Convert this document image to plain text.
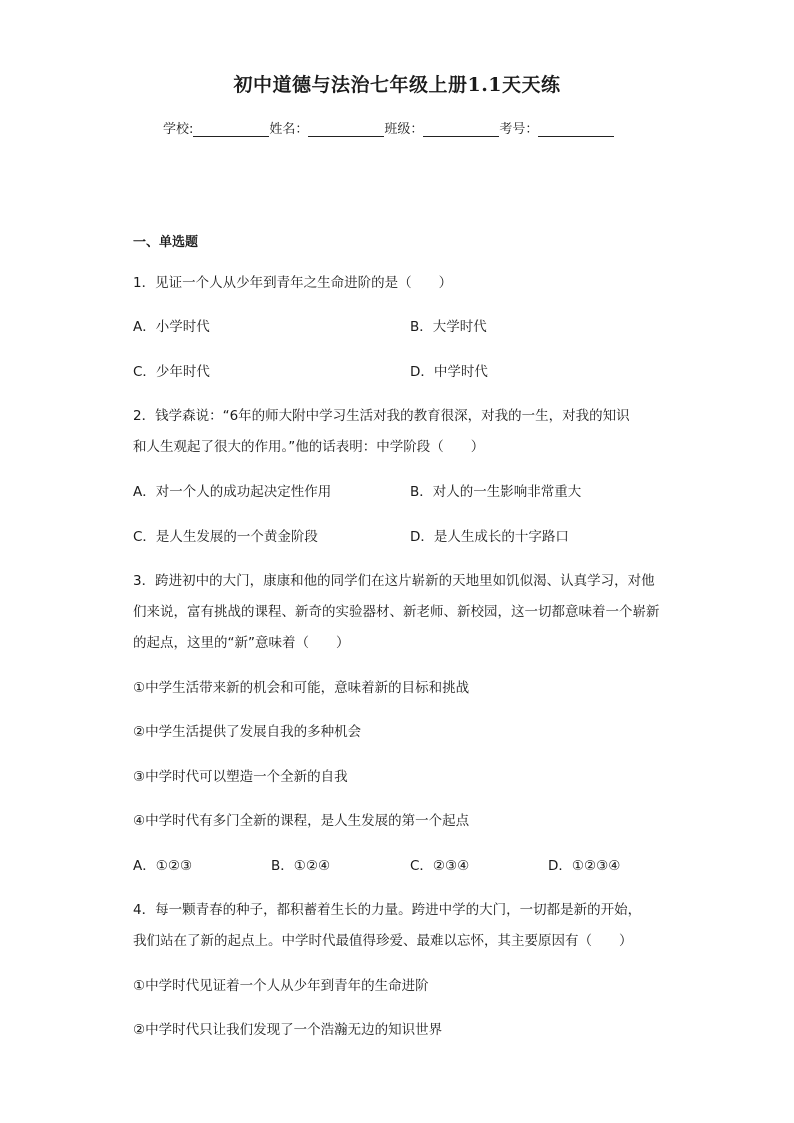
初中道德与法治七年级上册1.1天天练
学校:	姓名：	班级：	考号：
一、单选题
1．见证一个人从少年到青年之生命进阶的是（　　）
A．小学时代	B．大学时代
C．少年时代	D．中学时代
2．钱学森说：“6年的师大附中学习生活对我的教育很深，对我的一生，对我的知识
和人生观起了很大的作用。”他的话表明：中学阶段（　　）
A．对一个人的成功起决定性作用	B．对人的一生影响非常重大
C．是人生发展的一个黄金阶段	D．是人生成长的十字路口
3．跨进初中的大门，康康和他的同学们在这片崭新的天地里如饥似渴、认真学习，对他
们来说，富有挑战的课程、新奇的实验器材、新老师、新校园，这一切都意味着一个崭新
的起点，这里的“新”意味着（　　）
①中学生活带来新的机会和可能，意味着新的目标和挑战
②中学生活提供了发展自我的多种机会
③中学时代可以塑造一个全新的自我
④中学时代有多门全新的课程，是人生发展的第一个起点
A．①②③	B．①②④	C．②③④	D．①②③④
4．每一颗青春的种子，都积蓄着生长的力量。跨进中学的大门，一切都是新的开始，
我们站在了新的起点上。中学时代最值得珍爱、最难以忘怀，其主要原因有（　　）
①中学时代见证着一个人从少年到青年的生命进阶
②中学时代只让我们发现了一个浩瀚无边的知识世界
